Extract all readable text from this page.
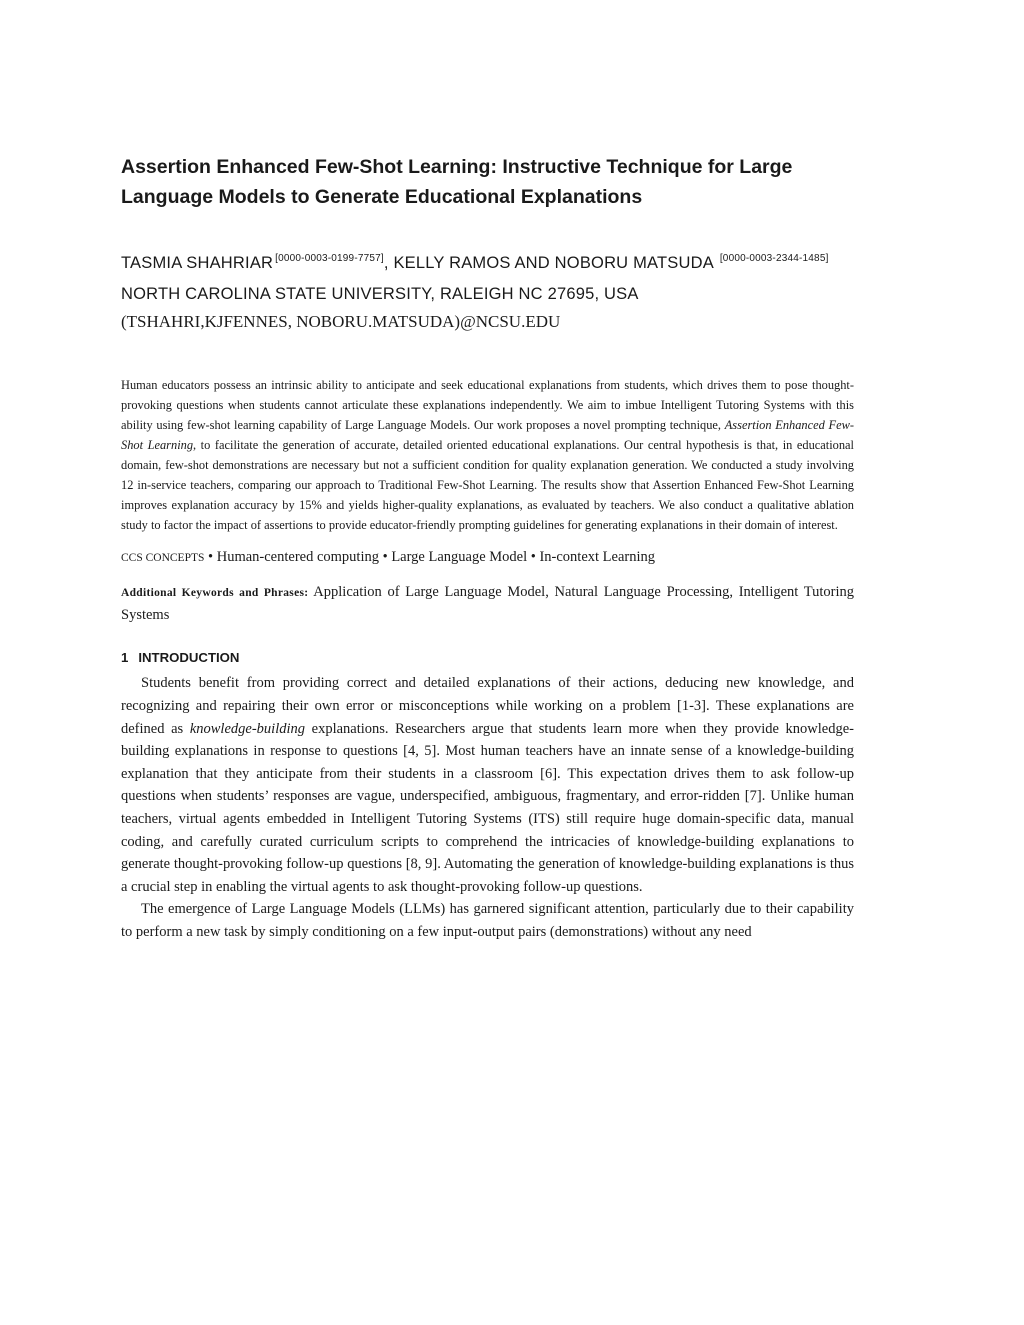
Assertion Enhanced Few-Shot Learning: Instructive Technique for Large
Language Models to Generate Educational Explanations
TASMIA SHAHRIAR [0000-0003-0199-7757], KELLY RAMOS AND NOBORU MATSUDA [0000-0003-2344-1485]
NORTH CAROLINA STATE UNIVERSITY, RALEIGH NC 27695, USA
(TSHAHRI,KJFENNES, NOBORU.MATSUDA)@NCSU.EDU

Human educators possess an intrinsic ability to anticipate and seek educational explanations from students, which drives them to pose thought-provoking questions when students cannot articulate these explanations independently. We aim to imbue Intelligent Tutoring Systems with this ability using few-shot learning capability of Large Language Models. Our work proposes a novel prompting technique, Assertion Enhanced Few-Shot Learning, to facilitate the generation of accurate, detailed oriented educational explanations. Our central hypothesis is that, in educational domain, few-shot demonstrations are necessary but not a sufficient condition for quality explanation generation. We conducted a study involving 12 in-service teachers, comparing our approach to Traditional Few-Shot Learning. The results show that Assertion Enhanced Few-Shot Learning improves explanation accuracy by 15% and yields higher-quality explanations, as evaluated by teachers. We also conduct a qualitative ablation study to factor the impact of assertions to provide educator-friendly prompting guidelines for generating explanations in their domain of interest.

CCS CONCEPTS • Human-centered computing • Large Language Model • In-context Learning
Additional Keywords and Phrases: Application of Large Language Model, Natural Language Processing, Intelligent Tutoring Systems
1 INTRODUCTION

Students benefit from providing correct and detailed explanations of their actions, deducing new knowledge, and recognizing and repairing their own error or misconceptions while working on a problem [1-3]. These explanations are defined as knowledge-building explanations. Researchers argue that students learn more when they provide knowledge-building explanations in response to questions [4, 5]. Most human teachers have an innate sense of a knowledge-building explanation that they anticipate from their students in a classroom [6]. This expectation drives them to ask follow-up questions when students’ responses are vague, underspecified, ambiguous, fragmentary, and error-ridden [7]. Unlike human teachers, virtual agents embedded in Intelligent Tutoring Systems (ITS) still require huge domain-specific data, manual coding, and carefully curated curriculum scripts to comprehend the intricacies of knowledge-building explanations to generate thought-provoking follow-up questions [8, 9]. Automating the generation of knowledge-building explanations is thus a crucial step in enabling the virtual agents to ask thought-provoking follow-up questions.

The emergence of Large Language Models (LLMs) has garnered significant attention, particularly due to their capability to perform a new task by simply conditioning on a few input-output pairs (demonstrations) without any need
